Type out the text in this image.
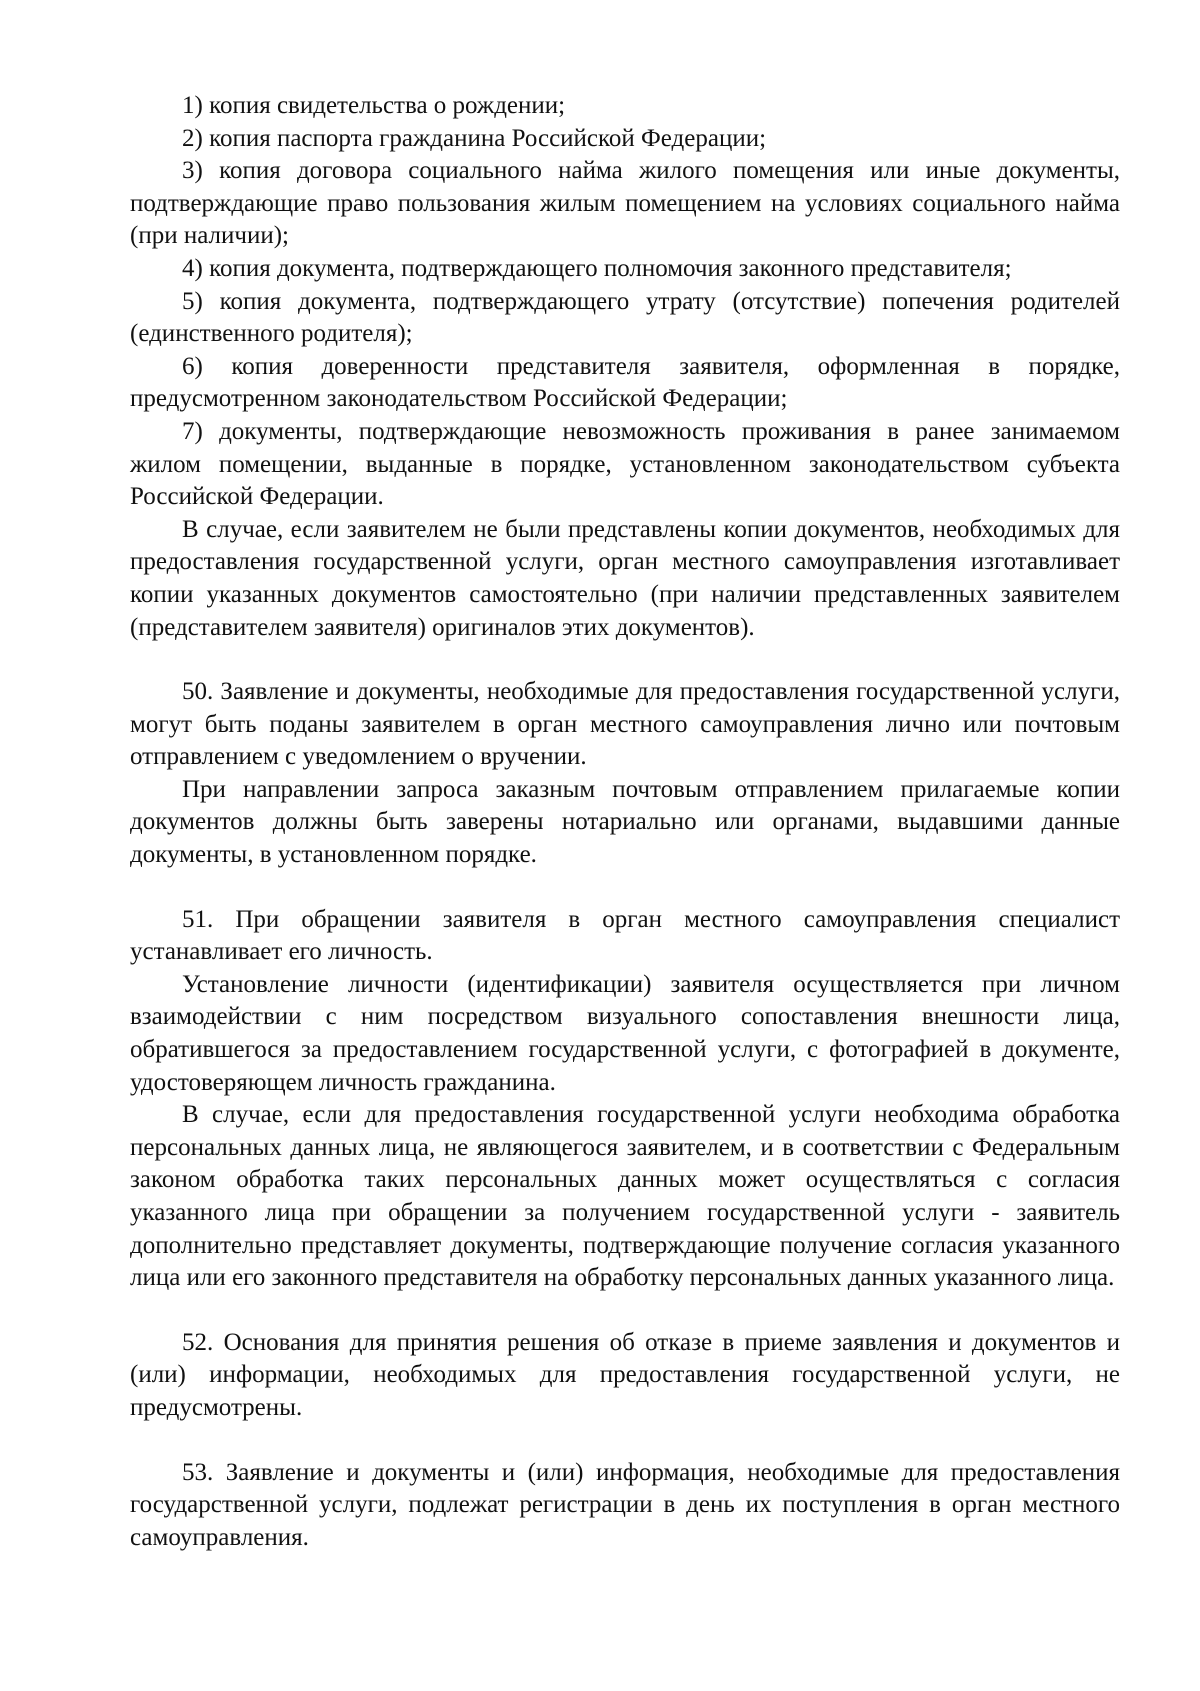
1) копия свидетельства о рождении;

2) копия паспорта гражданина Российской Федерации;

3) копия договора социального найма жилого помещения или иные документы, подтверждающие право пользования жилым помещением на условиях социального найма (при наличии);

4) копия документа, подтверждающего полномочия законного представителя;

5) копия документа, подтверждающего утрату (отсутствие) попечения родителей (единственного родителя);

6) копия доверенности представителя заявителя, оформленная в порядке, предусмотренном законодательством Российской Федерации;

7) документы, подтверждающие невозможность проживания в ранее занимаемом жилом помещении, выданные в порядке, установленном законодательством субъекта Российской Федерации.

В случае, если заявителем не были представлены копии документов, необходимых для предоставления государственной услуги, орган местного самоуправления изготавливает копии указанных документов самостоятельно (при наличии представленных заявителем (представителем заявителя) оригиналов этих документов).

50. Заявление и документы, необходимые для предоставления государственной услуги, могут быть поданы заявителем в орган местного самоуправления лично или почтовым отправлением с уведомлением о вручении.

При направлении запроса заказным почтовым отправлением прилагаемые копии документов должны быть заверены нотариально или органами, выдавшими данные документы, в установленном порядке.

51. При обращении заявителя в орган местного самоуправления специалист устанавливает его личность.

Установление личности (идентификации) заявителя осуществляется при личном взаимодействии с ним посредством визуального сопоставления внешности лица, обратившегося за предоставлением государственной услуги, с фотографией в документе, удостоверяющем личность гражданина.

В случае, если для предоставления государственной услуги необходима обработка персональных данных лица, не являющегося заявителем, и в соответствии с Федеральным законом обработка таких персональных данных может осуществляться с согласия указанного лица при обращении за получением государственной услуги - заявитель дополнительно представляет документы, подтверждающие получение согласия указанного лица или его законного представителя на обработку персональных данных указанного лица.

52. Основания для принятия решения об отказе в приеме заявления и документов и (или) информации, необходимых для предоставления государственной услуги, не предусмотрены.

53. Заявление и документы и (или) информация, необходимые для предоставления государственной услуги, подлежат регистрации в день их поступления в орган местного самоуправления.
